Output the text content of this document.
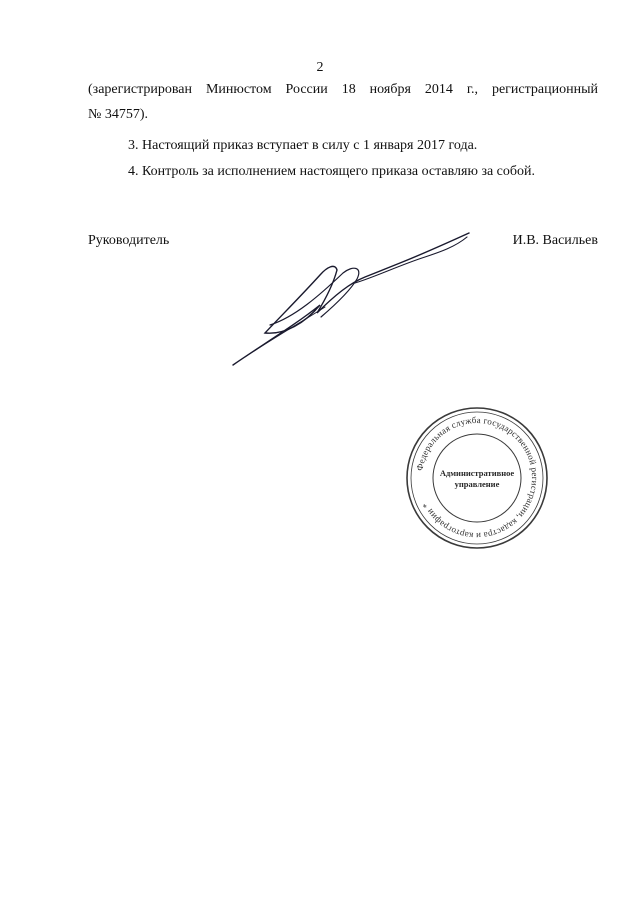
2
(зарегистрирован Минюстом России 18 ноября 2014 г., регистрационный
№ 34757).
3. Настоящий приказ вступает в силу с 1 января 2017 года.
4. Контроль за исполнением настоящего приказа оставляю за собой.
Руководитель	И.В. Васильев
Федеральная служба государственной регистрации, кадастра и картографии *
Административное
управление
